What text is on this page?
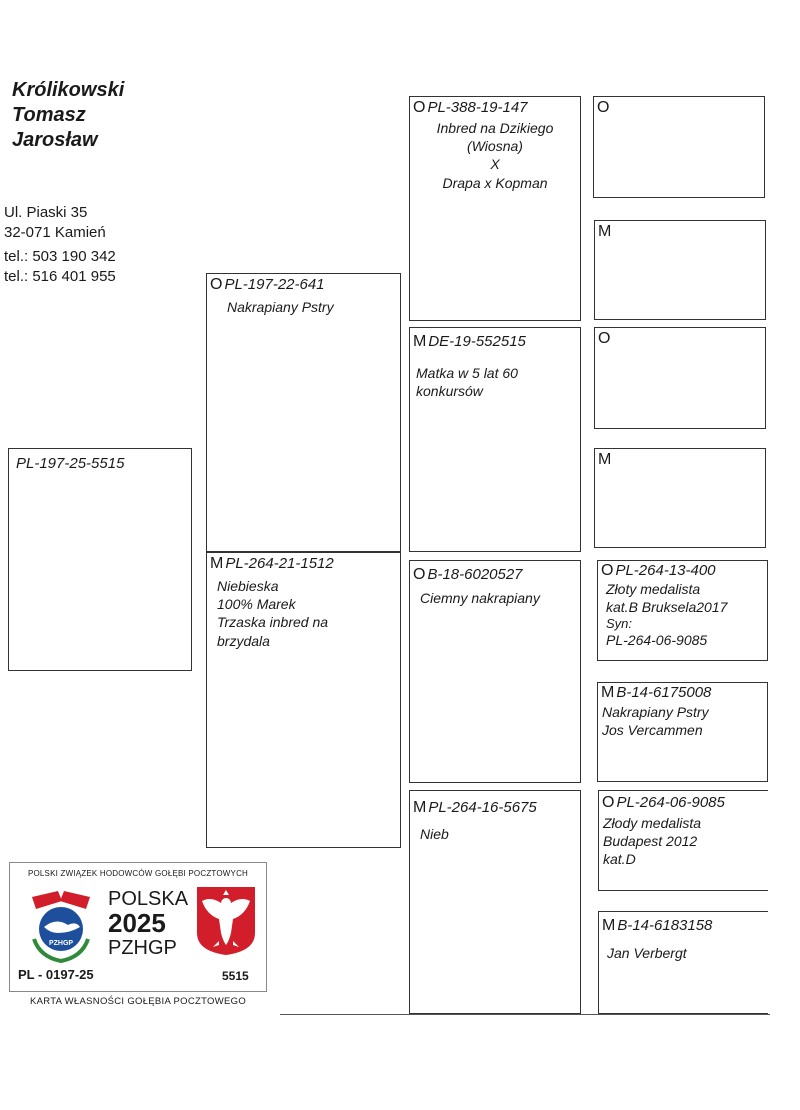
Królikowski
Tomasz
Jarosław
Ul. Piaski 35
32-071 Kamień
tel.: 503 190 342
tel.: 516 401 955
PL-197-25-5515
O PL-197-22-641
Nakrapiany Pstry
M PL-264-21-1512
Niebieska
100% Marek
Trzaska inbred na
brzydala
O PL-388-19-147
Inbred na Dzikiego
(Wiosna)
X
Drapa x Kopman
M DE-19-552515
Matka w 5 lat 60
konkursów
O B-18-6020527
Ciemny nakrapiany
M PL-264-16-5675
Nieb
O
M
O
M
O PL-264-13-400
Złoty medalista
kat.B Bruksela2017
Syn:
PL-264-06-9085
M B-14-6175008
Nakrapiany Pstry
Jos Vercammen
O PL-264-06-9085
Złody medalista
Budapest 2012
kat.D
M B-14-6183158
Jan Verbergt
POLSKI ZWIĄZEK HODOWCÓW GOŁĘBI POCZTOWYCH
PZHGP
POLSKA
2025
PZHGP
PL - 0197-25	5515
KARTA WŁASNOŚCI GOŁĘBIA POCZTOWEGO
